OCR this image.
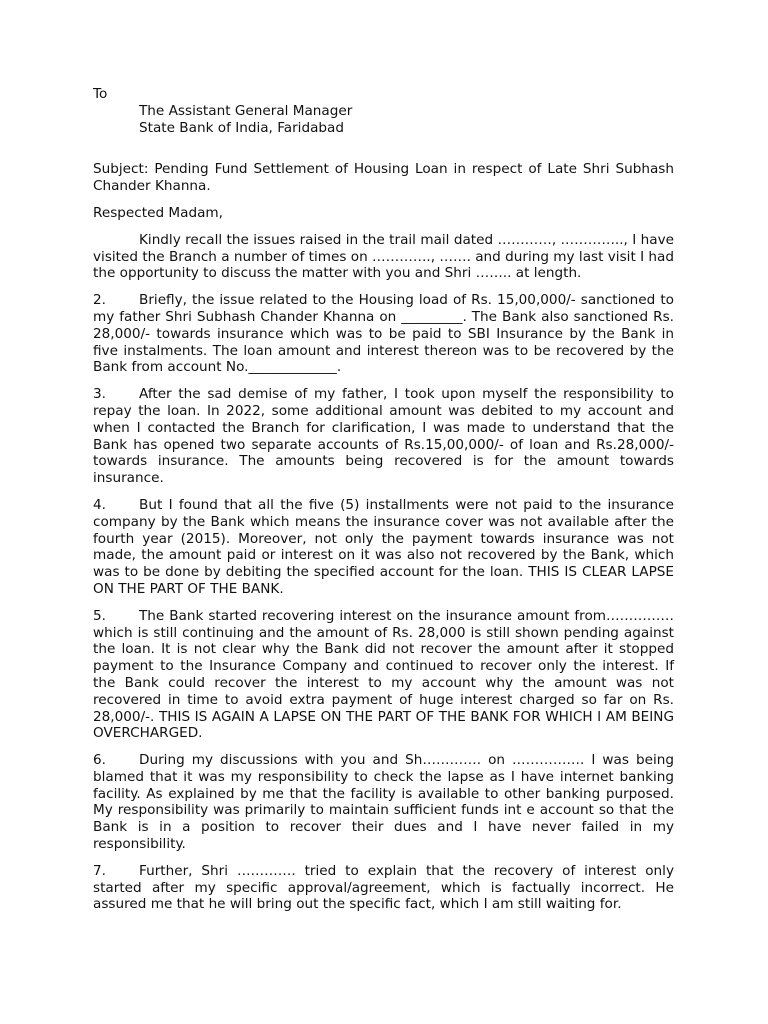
To
The Assistant General Manager
State Bank of India, Faridabad

Subject: Pending Fund Settlement of Housing Loan in respect of Late Shri Subhash Chander Khanna.

Respected Madam,

Kindly recall the issues raised in the trail mail dated …………, ………….., I have visited the Branch a number of times on …………., ……. and during my last visit I had the opportunity to discuss the matter with you and Shri …….. at length.

2. Briefly, the issue related to the Housing load of Rs. 15,00,000/- sanctioned to my father Shri Subhash Chander Khanna on _________. The Bank also sanctioned Rs. 28,000/- towards insurance which was to be paid to SBI Insurance by the Bank in five instalments. The loan amount and interest thereon was to be recovered by the Bank from account No._____________.

3. After the sad demise of my father, I took upon myself the responsibility to repay the loan. In 2022, some additional amount was debited to my account and when I contacted the Branch for clarification, I was made to understand that the Bank has opened two separate accounts of Rs.15,00,000/- of loan and Rs.28,000/- towards insurance. The amounts being recovered is for the amount towards insurance.

4. But I found that all the five (5) installments were not paid to the insurance company by the Bank which means the insurance cover was not available after the fourth year (2015). Moreover, not only the payment towards insurance was not made, the amount paid or interest on it was also not recovered by the Bank, which was to be done by debiting the specified account for the loan. THIS IS CLEAR LAPSE ON THE PART OF THE BANK.

5. The Bank started recovering interest on the insurance amount from…………… which is still continuing and the amount of Rs. 28,000 is still shown pending against the loan. It is not clear why the Bank did not recover the amount after it stopped payment to the Insurance Company and continued to recover only the interest. If the Bank could recover the interest to my account why the amount was not recovered in time to avoid extra payment of huge interest charged so far on Rs. 28,000/-. THIS IS AGAIN A LAPSE ON THE PART OF THE BANK FOR WHICH I AM BEING OVERCHARGED.

6. During my discussions with you and Sh…………. on ……………. I was being blamed that it was my responsibility to check the lapse as I have internet banking facility. As explained by me that the facility is available to other banking purposed. My responsibility was primarily to maintain sufficient funds int e account so that the Bank is in a position to recover their dues and I have never failed in my responsibility.

7. Further, Shri …………. tried to explain that the recovery of interest only started after my specific approval/agreement, which is factually incorrect. He assured me that he will bring out the specific fact, which I am still waiting for.
